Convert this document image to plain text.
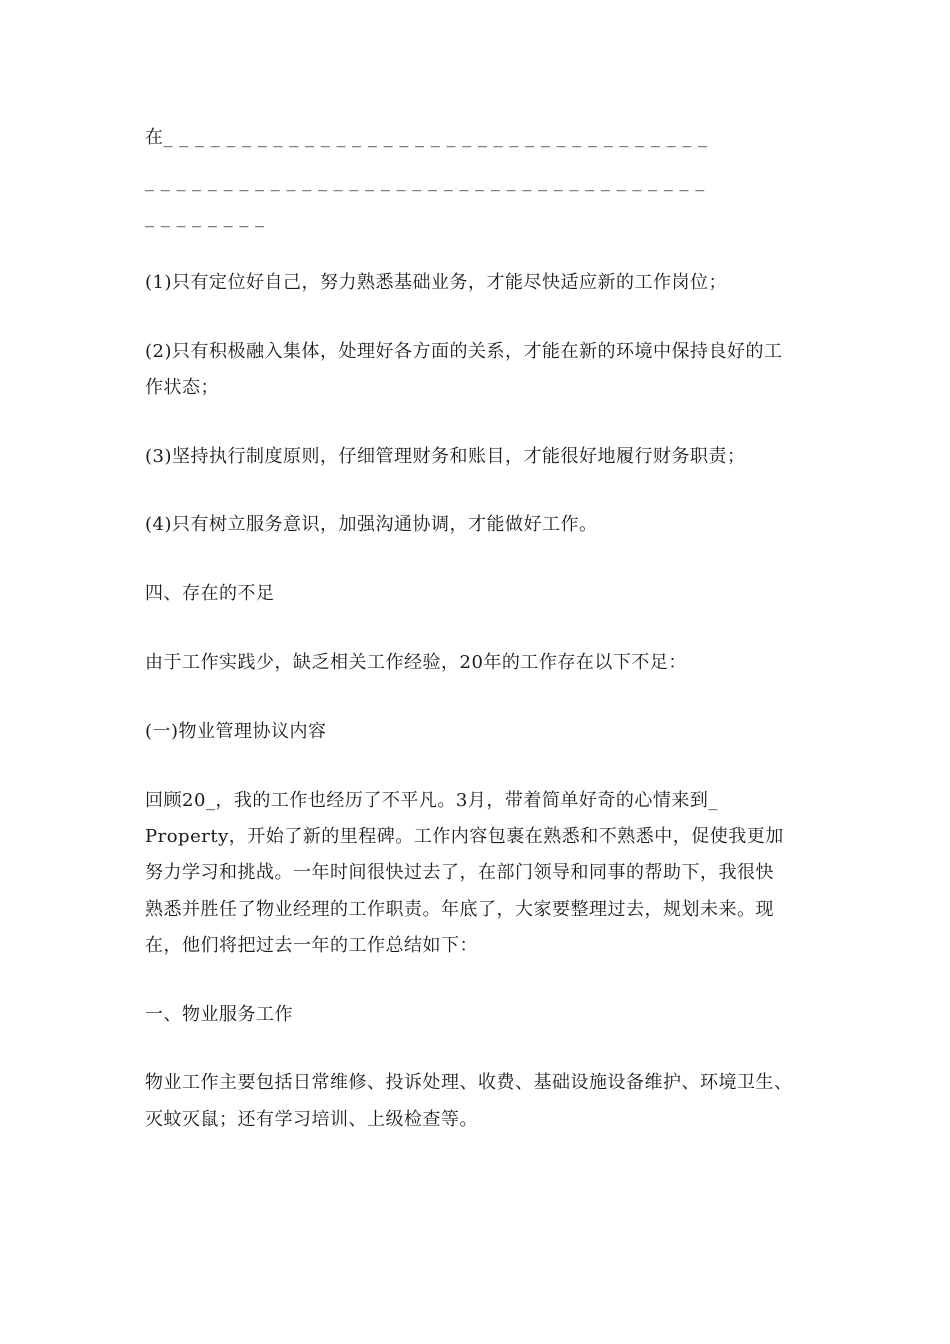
在_ _ _ _ _ _ _ _ _ _ _ _ _ _ _ _ _ _ _ _ _ _ _ _ _ _ _ _ _ _ _ _ _ _ _
_ _ _ _ _ _ _ _ _ _ _ _ _ _ _ _ _ _ _ _ _ _ _ _ _ _ _ _ _ _ _ _ _ _ _ _
_ _ _ _ _ _ _ _
(1)只有定位好自己，努力熟悉基础业务，才能尽快适应新的工作岗位；
(2)只有积极融入集体，处理好各方面的关系，才能在新的环境中保持良好的工
作状态；
(3)坚持执行制度原则，仔细管理财务和账目，才能很好地履行财务职责；
(4)只有树立服务意识，加强沟通协调，才能做好工作。
四、存在的不足
由于工作实践少，缺乏相关工作经验，20年的工作存在以下不足：
(一)物业管理协议内容
回顾20_，我的工作也经历了不平凡。3月，带着简单好奇的心情来到_
Property，开始了新的里程碑。工作内容包裹在熟悉和不熟悉中，促使我更加
努力学习和挑战。一年时间很快过去了，在部门领导和同事的帮助下，我很快
熟悉并胜任了物业经理的工作职责。年底了，大家要整理过去，规划未来。现
在，他们将把过去一年的工作总结如下：
一、物业服务工作
物业工作主要包括日常维修、投诉处理、收费、基础设施设备维护、环境卫生、
灭蚊灭鼠；还有学习培训、上级检查等。
